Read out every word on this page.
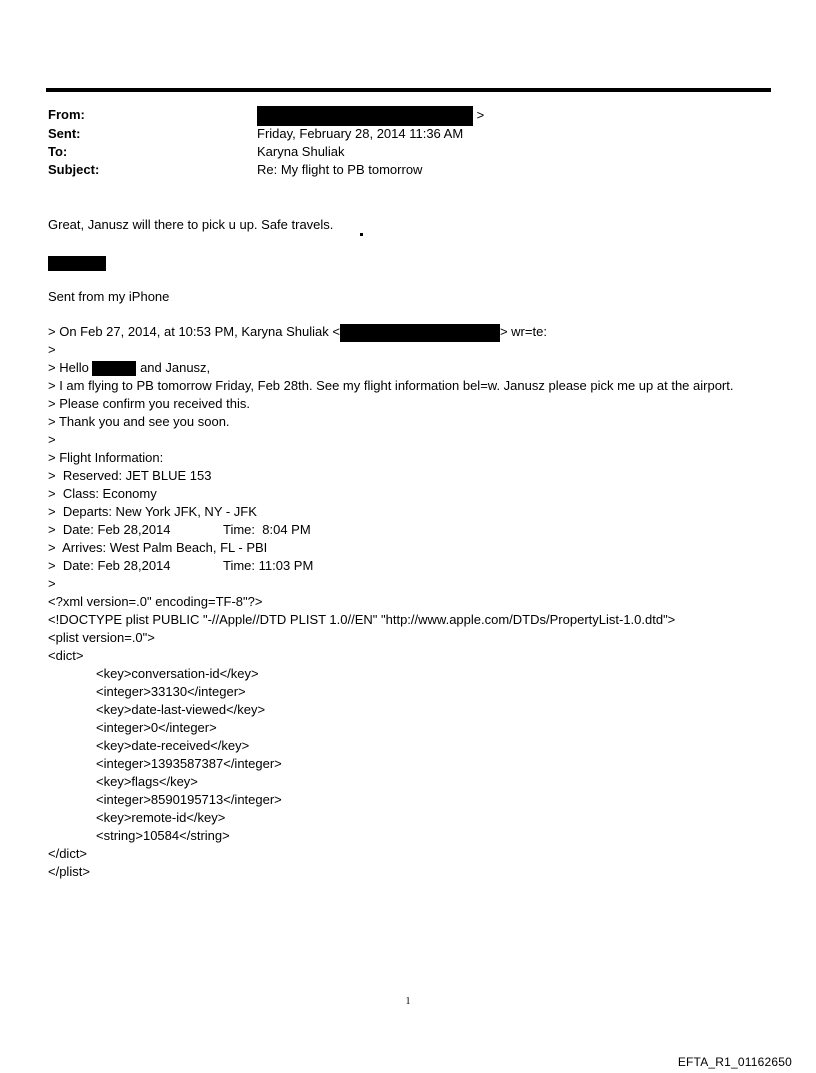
From:	>
Sent:	Friday, February 28, 2014 11:36 AM
To:	Karyna Shuliak
Subject:	Re: My flight to PB tomorrow
Great, Janusz will there to pick u up. Safe travels.
Sent from my iPhone
> On Feb 27, 2014, at 10:53 PM, Karyna Shuliak <	> wr=te:
>
> Hello	and Janusz,
> I am flying to PB tomorrow Friday, Feb 28th. See my flight information bel=w. Janusz please pick me up at the airport.
> Please confirm you received this.
> Thank you and see you soon.
>
> Flight Information:
>  Reserved: JET BLUE 153
>  Class: Economy
>  Departs: New York JFK, NY - JFK
>  Date: Feb 28,2014	Time:  8:04 PM
>  Arrives: West Palm Beach, FL - PBI
>  Date: Feb 28,2014	Time: 11:03 PM
>
<?xml version=.0" encoding=TF-8"?>
<!DOCTYPE plist PUBLIC "-//Apple//DTD PLIST 1.0//EN" "http://www.apple.com/DTDs/PropertyList-1.0.dtd">
<plist version=.0">
<dict>
<key>conversation-id</key>
<integer>33130</integer>
<key>date-last-viewed</key>
<integer>0</integer>
<key>date-received</key>
<integer>1393587387</integer>
<key>flags</key>
<integer>8590195713</integer>
<key>remote-id</key>
<string>10584</string>
</dict>
</plist>
1
EFTA_R1_01162650
